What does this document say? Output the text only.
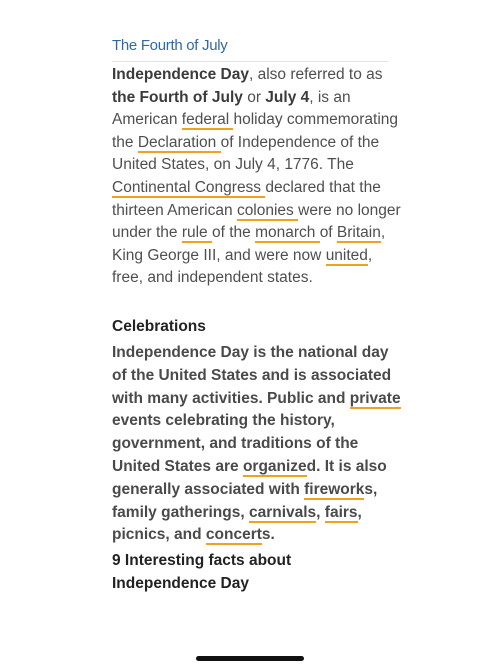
The Fourth of July
Independence Day, also referred to as the Fourth of July or July 4, is an American federal holiday commemorating the Declaration of Independence of the United States, on July 4, 1776. The Continental Congress declared that the thirteen American colonies were no longer under the rule of the monarch of Britain, King George III, and were now united, free, and independent states.
Celebrations
Independence Day is the national day of the United States and is associated with many activities. Public and private events celebrating the history, government, and traditions of the United States are organized. It is also generally associated with fireworks, family gatherings, carnivals, fairs, picnics, and concerts.
9 Interesting facts about Independence Day
